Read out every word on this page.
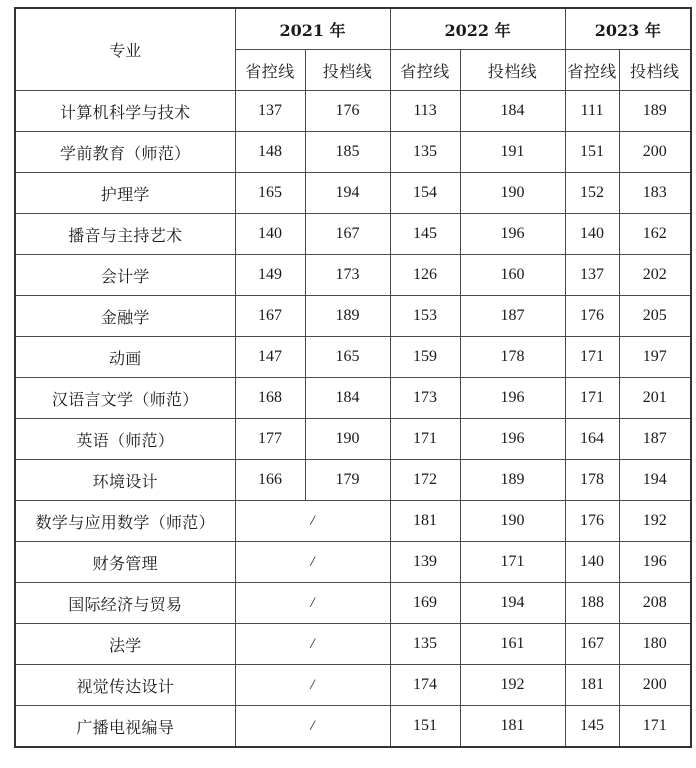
专业	2021 年		2022 年		2023 年	
	省控线	投档线	省控线	投档线	省控线	投档线
计算机科学与技术	137	176	113	184	111	189
学前教育（师范）	148	185	135	191	151	200
护理学	165	194	154	190	152	183
播音与主持艺术	140	167	145	196	140	162
会计学	149	173	126	160	137	202
金融学	167	189	153	187	176	205
动画	147	165	159	178	171	197
汉语言文学（师范）	168	184	173	196	171	201
英语（师范）	177	190	171	196	164	187
环境设计	166	179	172	189	178	194
数学与应用数学（师范）	/		181	190	176	192
财务管理	/		139	171	140	196
国际经济与贸易	/		169	194	188	208
法学	/		135	161	167	180
视觉传达设计	/		174	192	181	200
广播电视编导	/		151	181	145	171
